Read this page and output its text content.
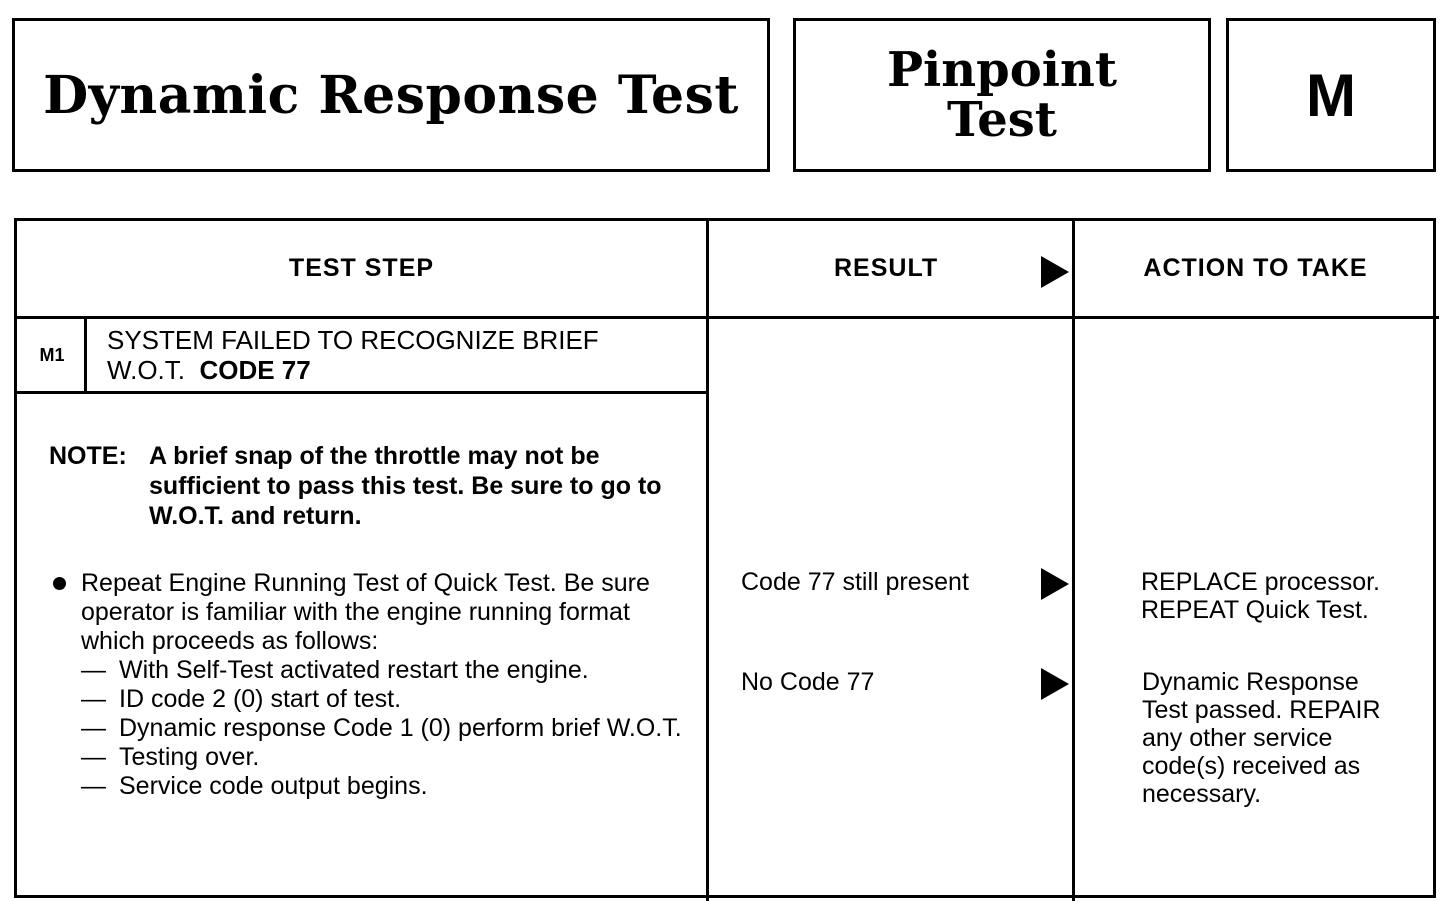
Dynamic Response Test	Pinpoint
Test	M
TEST STEP	RESULT	ACTION TO TAKE
M1	SYSTEM FAILED TO RECOGNIZE BRIEF
W.O.T. CODE 77
NOTE: A brief snap of the throttle may not be sufficient to pass this test. Be sure to go to W.O.T. and return.
Repeat Engine Running Test of Quick Test. Be sure operator is familiar with the engine running format which proceeds as follows:
— With Self-Test activated restart the engine.
— ID code 2 (0) start of test.
— Dynamic response Code 1 (0) perform brief W.O.T.
— Testing over.
— Service code output begins.
Code 77 still present	REPLACE processor.
REPEAT Quick Test.
No Code 77	Dynamic Response Test passed. REPAIR any other service code(s) received as necessary.
